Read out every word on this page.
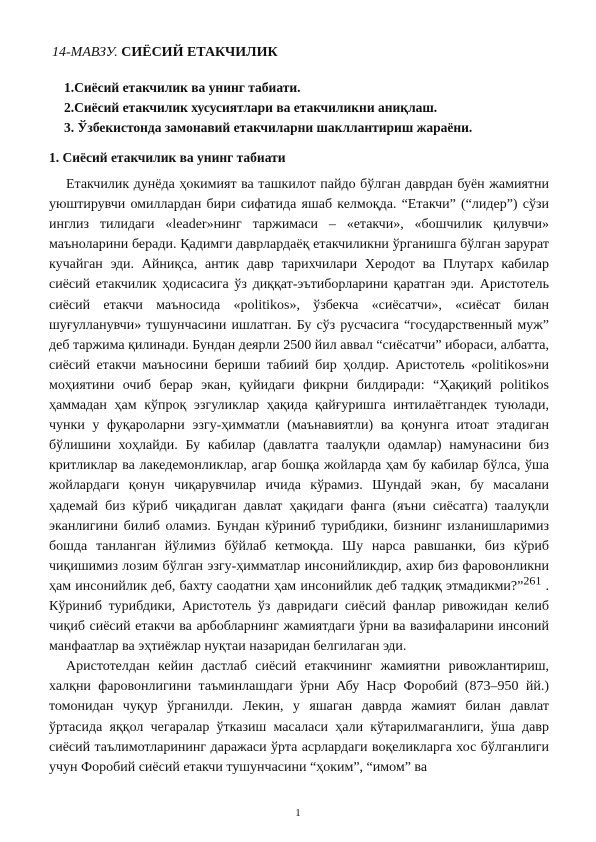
14-МАВЗУ. СИЁСИЙ ЕТАКЧИЛИК
1.Сиёсий етакчилик ва унинг табиати.
2.Сиёсий етакчилик хусусиятлари ва етакчиликни аниқлаш.
3. Ўзбекистонда замонавий етакчиларни шакллантириш жараёни.
1. Сиёсий етакчилик ва унинг табиати

Етакчилик дунёда ҳокимият ва ташкилот пайдо бўлган даврдан буён жамиятни уюштирувчи омиллардан бири сифатида яшаб келмоқда. “Етакчи” (“лидер”) сўзи инглиз тилидаги «leader»нинг таржимаси – «етакчи», «бошчилик қилувчи» маъноларини беради. Қадимги даврлардаёқ етакчиликни ўрганишга бўлган зарурат кучайган эди. Айниқса, антик давр тарихчилари Херодот ва Плутарх кабилар сиёсий етакчилик ҳодисасига ўз диққат-эътиборларини қаратган эди. Аристотель сиёсий етакчи маъносида «politikos», ўзбекча «сиёсатчи», «сиёсат билан шуғулланувчи» тушунчасини ишлатган. Бу сўз русчасига “государственный муж” деб таржима қилинади. Бундан деярли 2500 йил аввал “сиёсатчи” ибораси, албатта, сиёсий етакчи маъносини бериши табиий бир ҳолдир. Аристотель «politikos»ни моҳиятини очиб берар экан, қуйидаги фикрни билдиради: “Ҳақиқий politikos ҳаммадан ҳам кўпроқ эзгуликлар ҳақида қайғуришга интилаётгандек туюлади, чунки у фуқароларни эзгу-ҳимматли (маънавиятли) ва қонунга итоат этадиган бўлишини хоҳлайди. Бу кабилар (давлатга таалуқли одамлар) намунасини биз критликлар ва лакедемонликлар, агар бошқа жойларда ҳам бу кабилар бўлса, ўша жойлардаги қонун чиқарувчилар ичида кўрамиз. Шундай экан, бу масалани ҳадемай биз кўриб чиқадиган давлат ҳақидаги фанга (яъни сиёсатга) таалуқли эканлигини билиб оламиз. Бундан кўриниб турибдики, бизнинг изланишларимиз бошда танланган йўлимиз бўйлаб кетмоқда. Шу нарса равшанки, биз кўриб чиқишимиз лозим бўлган эзгу-ҳимматлар инсонийликдир, ахир биз фаровонликни ҳам инсонийлик деб, бахту саодатни ҳам инсонийлик деб тадқиқ этмадикми?”261 . Кўриниб турибдики, Аристотель ўз давридаги сиёсий фанлар ривожидан келиб чиқиб сиёсий етакчи ва арбобларнинг жамиятдаги ўрни ва вазифаларини инсоний манфаатлар ва эҳтиёжлар нуқтаи назаридан белгилаган эди.

Аристотелдан кейин дастлаб сиёсий етакчининг жамиятни ривожлантириш, халқни фаровонлигини таъминлашдаги ўрни Абу Наср Форобий (873–950 йй.) томонидан чуқур ўрганилди. Лекин, у яшаган даврда жамият билан давлат ўртасида яққол чегаралар ўтказиш масаласи ҳали кўтарилмаганлиги, ўша давр сиёсий таълимотларининг даражаси ўрта асрлардаги воқеликларга хос бўлганлиги учун Форобий сиёсий етакчи тушунчасини “ҳоким”, “имом” ва

1
